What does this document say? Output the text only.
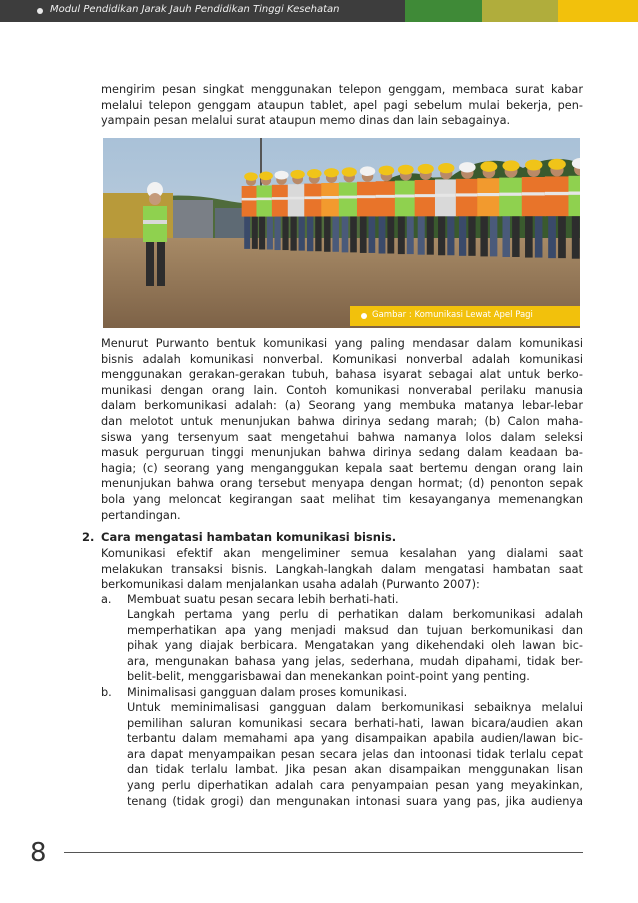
Modul Pendidikan Jarak Jauh Pendidikan Tinggi Kesehatan
mengirim pesan singkat menggunakan telepon genggam, membaca surat kabar
melalui telepon genggam ataupun tablet, apel pagi sebelum mulai bekerja, pen-
yampain pesan melalui surat ataupun memo dinas dan lain sebagainya.
Gambar : Komunikasi Lewat Apel Pagi
Menurut Purwanto bentuk komunikasi yang paling mendasar dalam komunikasi
bisnis adalah komunikasi nonverbal. Komunikasi nonverbal adalah komunikasi
menggunakan gerakan-gerakan tubuh, bahasa isyarat sebagai alat untuk berko-
munikasi dengan orang lain. Contoh komunikasi nonverabal perilaku manusia
dalam berkomunikasi adalah: (a) Seorang yang membuka matanya lebar-lebar
dan melotot untuk menunjukan bahwa dirinya sedang marah; (b) Calon maha-
siswa yang tersenyum saat mengetahui bahwa namanya lolos dalam seleksi
masuk perguruan tinggi menunjukan bahwa dirinya sedang dalam keadaan ba-
hagia; (c) seorang yang menganggukan kepala saat bertemu dengan orang lain
menunjukan bahwa orang tersebut menyapa dengan hormat; (d) penonton sepak
bola yang meloncat kegirangan saat melihat tim kesayanganya memenangkan
pertandingan.
2. Cara mengatasi hambatan komunikasi bisnis.
Komunikasi efektif akan mengeliminer semua kesalahan yang dialami saat
melakukan transaksi bisnis. Langkah-langkah dalam mengatasi hambatan saat
berkomunikasi dalam menjalankan usaha adalah (Purwanto 2007):
a. Membuat suatu pesan secara lebih berhati-hati.
Langkah pertama yang perlu di perhatikan dalam berkomunikasi adalah
memperhatikan apa yang menjadi maksud dan tujuan berkomunikasi dan
pihak yang diajak berbicara. Mengatakan yang dikehendaki oleh lawan bic-
ara, mengunakan bahasa yang jelas, sederhana, mudah dipahami, tidak ber-
belit-belit, menggarisbawai dan menekankan point-point yang penting.
b. Minimalisasi gangguan dalam proses komunikasi.
Untuk meminimalisasi gangguan dalam berkomunikasi sebaiknya melalui
pemilihan saluran komunikasi secara berhati-hati, lawan bicara/audien akan
terbantu dalam memahami apa yang disampaikan apabila audien/lawan bic-
ara dapat menyampaikan pesan secara jelas dan intoonasi tidak terlalu cepat
dan tidak terlalu lambat. Jika pesan akan disampaikan menggunakan lisan
yang perlu diperhatikan adalah cara penyampaian pesan yang meyakinkan,
tenang (tidak grogi) dan mengunakan intonasi suara yang pas, jika audienya
8
